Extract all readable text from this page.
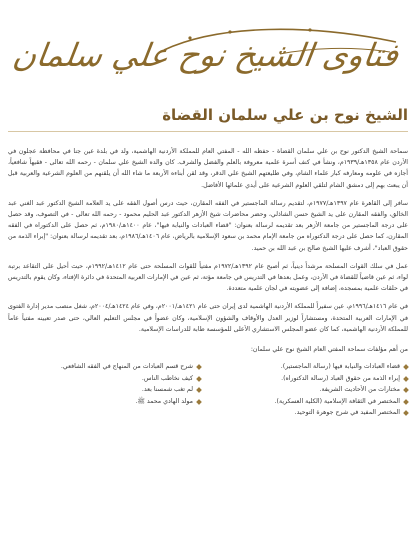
فتاوى الشيخ نوح علي سلمان
الشيخ نوح بن علي سلمان القضاة

سماحة الشيخ الدكتور نوح بن علي سلمان القضاة - حفظه الله - المفتي العام للمملكة الأردنية الهاشمية، ولد في بلدة عين جنا في محافظة عجلون في الأردن عام ١٣٥٨هـ/١٩٣٩م، ونشأ في كنف أسرة علمية معروفة بالعلم والفضل والشرف. كان والده الشيخ علي سلمان - رحمه الله تعالى - فقيهاً شافعياً، أجازه في علومه ومعارفه كبار علماء الشام، وفي طليعتهم الشيخ علي الدقر، وقد لقن أبناءه الأربعة ما شاء الله أن يلقنهم من العلوم الشرعية والعربية قبل أن يبعث بهم إلى دمشق الشام لتلقي العلوم الشرعية على أيدي علمائها الأفاضل.

سافر إلى القاهرة عام ١٣٩٧هـ/١٩٧٧م، لتقديم رسالة الماجستير في الفقه المقارن، حيث درس أصول الفقه على يد العلامة الشيخ الدكتور عبد الغني عبد الخالق، والفقه المقارن على يد الشيخ حسن الشاذلي، وحضر محاضرات شيخ الأزهر الدكتور عبد الحليم محمود - رحمه الله تعالى - في التصوف، وقد حصل على درجة الماجستير من جامعة الأزهر بعد تقديمه لرسالة بعنوان: "قضاء العبادات والنيابة فيها"، عام ١٤٠٠هـ/١٩٨٠م، ثم حصل على الدكتوراه في الفقه المقارن، كما حصل على درجة الدكتوراه من جامعة الإمام محمد بن سعود الإسلامية بالرياض، عام ١٤٠٦هـ/١٩٨٦م، بعد تقديمه لرسالة بعنوان: "إبراء الذمة من حقوق العباد"، أشرف عليها الشيخ صالح بن عبد الله بن حميد.

عمل في سلك القوات المسلحة مرشداً دينياً، ثم أصبح عام ١٣٩٢هـ/١٩٧٢م مفتياً للقوات المسلحة حتى عام ١٤١٢هـ/١٩٩٢م، حيث أحيل على التقاعد برتبة لواء، ثم عين قاضياً للقضاة في الأردن، وعمل بعدها في التدريس في جامعة مؤتة، ثم عين في الإمارات العربية المتحدة في دائرة الإفتاء، وكان يقوم بالتدريس في حلقات علمية بمسجده، إضافة إلى عضويته في لجان علمية متعددة.

في عام ١٤١٦هـ/١٩٩٦م، عين سفيراً للمملكة الأردنية الهاشمية لدى إيران حتى عام ١٤٢١هـ/٢٠٠١م، وفي عام ١٤٢٤هـ/٢٠٠٤م، شغل منصب مدير إدارة الفتوى في الإمارات العربية المتحدة، ومستشاراً لوزير العدل والأوقاف والشؤون الإسلامية، وكان عضواً في مجلس التعليم العالي، حتى صدر تعيينه مفتياً عاماً للمملكة الأردنية الهاشمية، كما كان عضو المجلس الاستشاري الأعلى للمؤسسة طابة للدراسات الإسلامية.

من أهم مؤلفات سماحة المفتي العام الشيخ نوح علي سلمان:

قضاء العبادات والنيابة فيها (رسالة الماجستير).
إبراء الذمة من حقوق العباد (رسالة الدكتوراه).
مختارات من الأحاديث الشريفة.
المختصر في الثقافة الإسلامية (الكلية العسكرية).
المختصر المفيد في شرح جوهرة التوحيد.
شرح قسم العبادات من المنهاج في الفقه الشافعي.
كيف نخاطب الناس.
لم تغب شمسنا بعد.
مولد الهادي محمد ﷺ.
